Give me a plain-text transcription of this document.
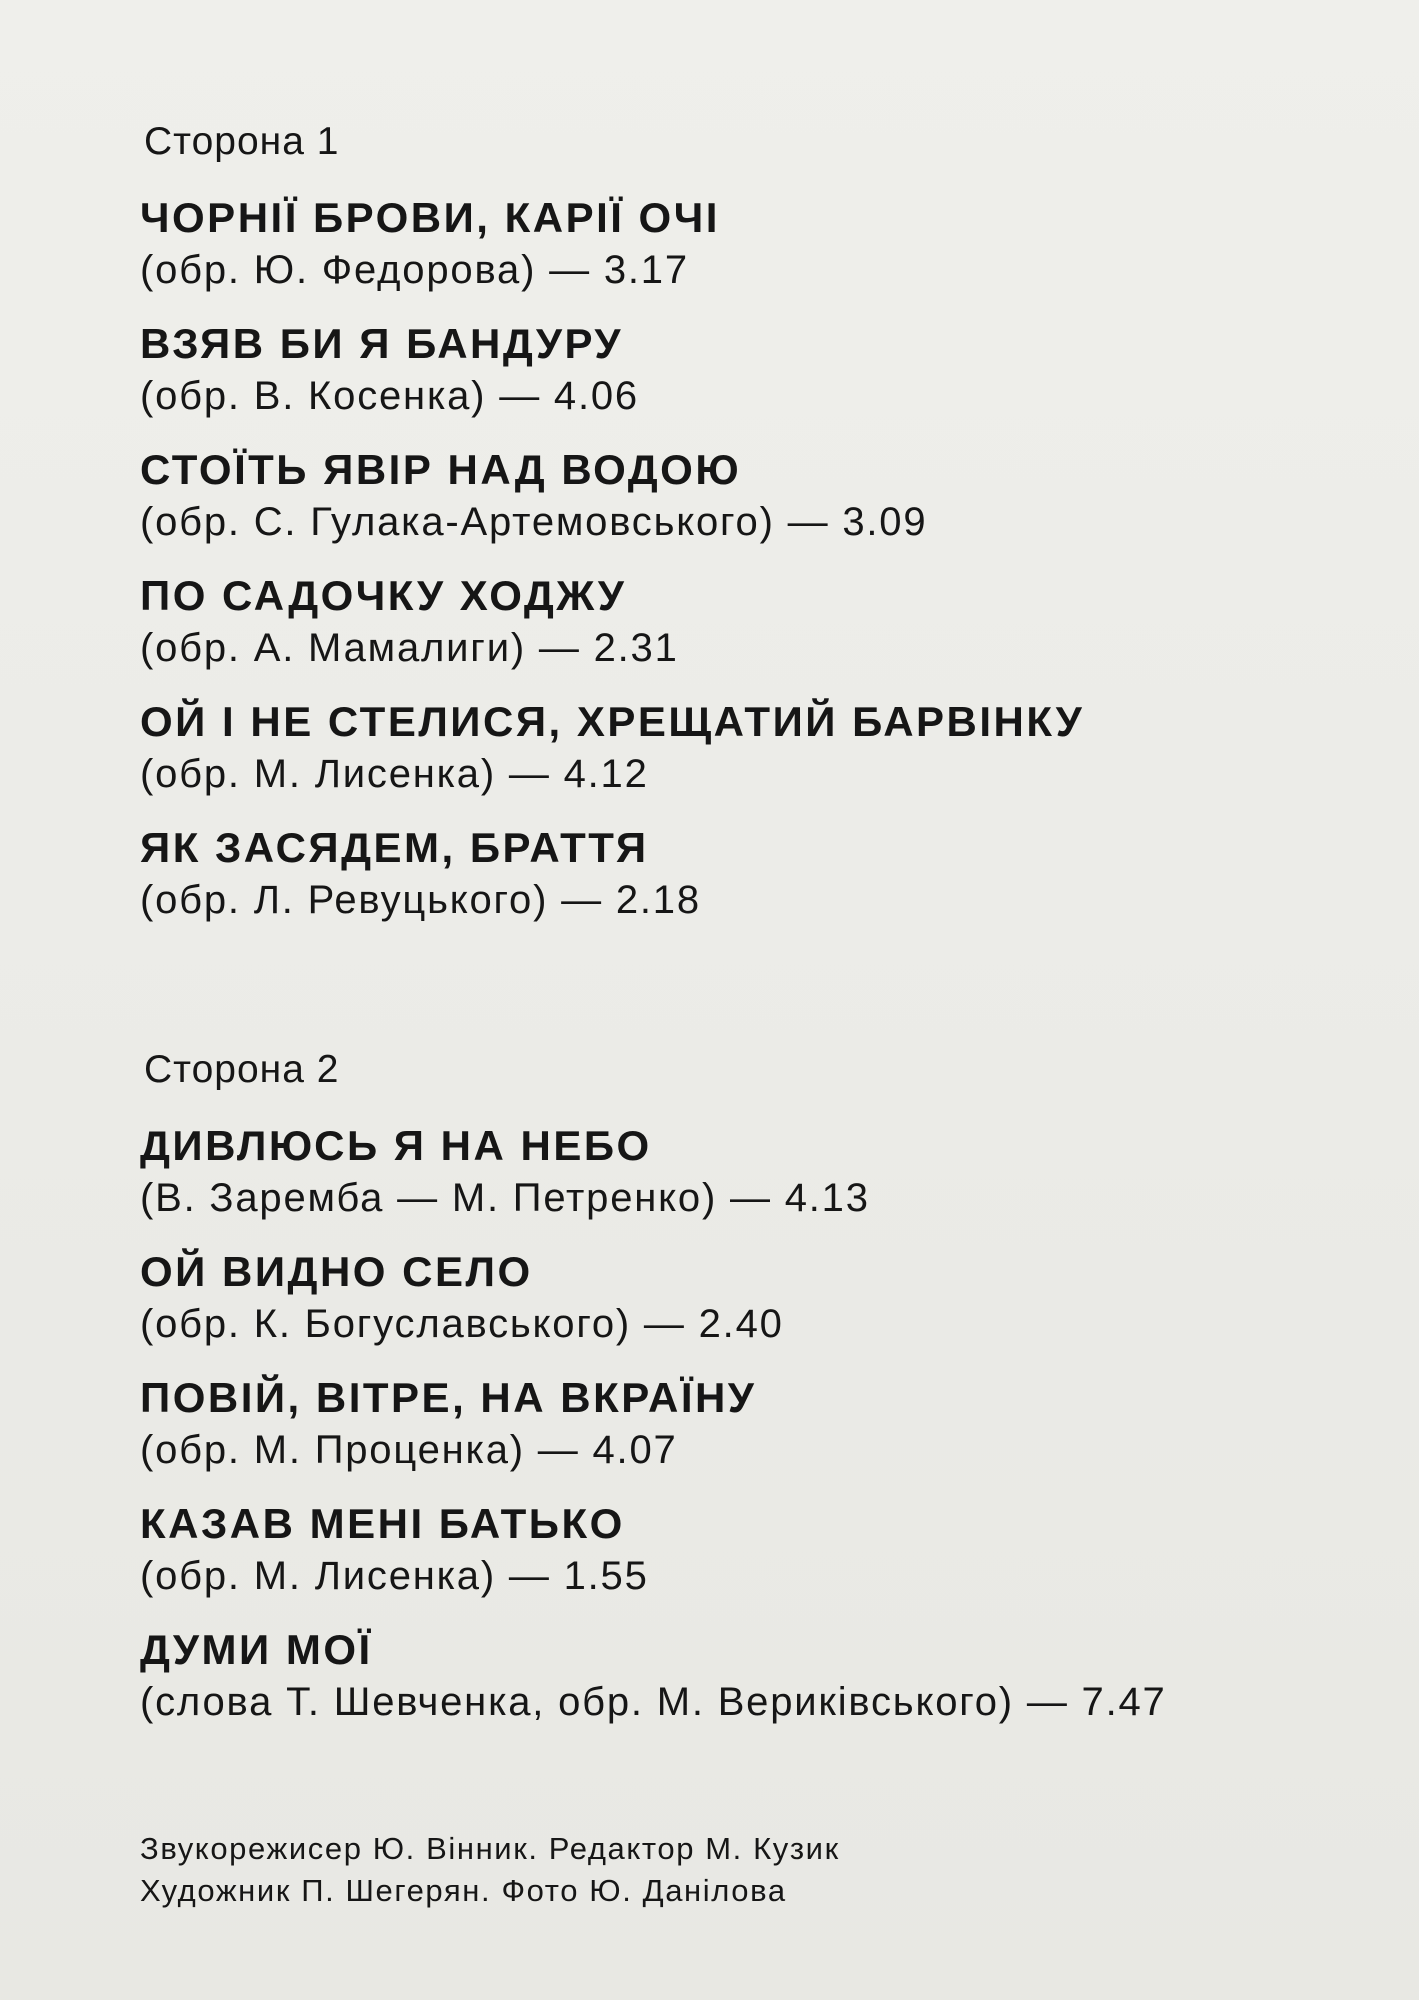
Сторона 1
ЧОРНІЇ БРОВИ, КАРІЇ ОЧІ
(обр. Ю. Федорова) — 3.17
ВЗЯВ БИ Я БАНДУРУ
(обр. В. Косенка) — 4.06
СТОЇТЬ ЯВІР НАД ВОДОЮ
(обр. С. Гулака-Артемовського) — 3.09
ПО САДОЧКУ ХОДЖУ
(обр. А. Мамалиги) — 2.31
ОЙ І НЕ СТЕЛИСЯ, ХРЕЩАТИЙ БАРВІНКУ
(обр. М. Лисенка) — 4.12
ЯК ЗАСЯДЕМ, БРАТТЯ
(обр. Л. Ревуцького) — 2.18
Сторона 2
ДИВЛЮСЬ Я НА НЕБО
(В. Заремба — М. Петренко) — 4.13
ОЙ ВИДНО СЕЛО
(обр. К. Богуславського) — 2.40
ПОВІЙ, ВІТРЕ, НА ВКРАЇНУ
(обр. М. Проценка) — 4.07
КАЗАВ МЕНІ БАТЬКО
(обр. М. Лисенка) — 1.55
ДУМИ МОЇ
(слова Т. Шевченка, обр. М. Вериківського) — 7.47
Звукорежисер Ю. Вінник. Редактор М. Кузик
Художник П. Шегерян. Фото Ю. Данілова
